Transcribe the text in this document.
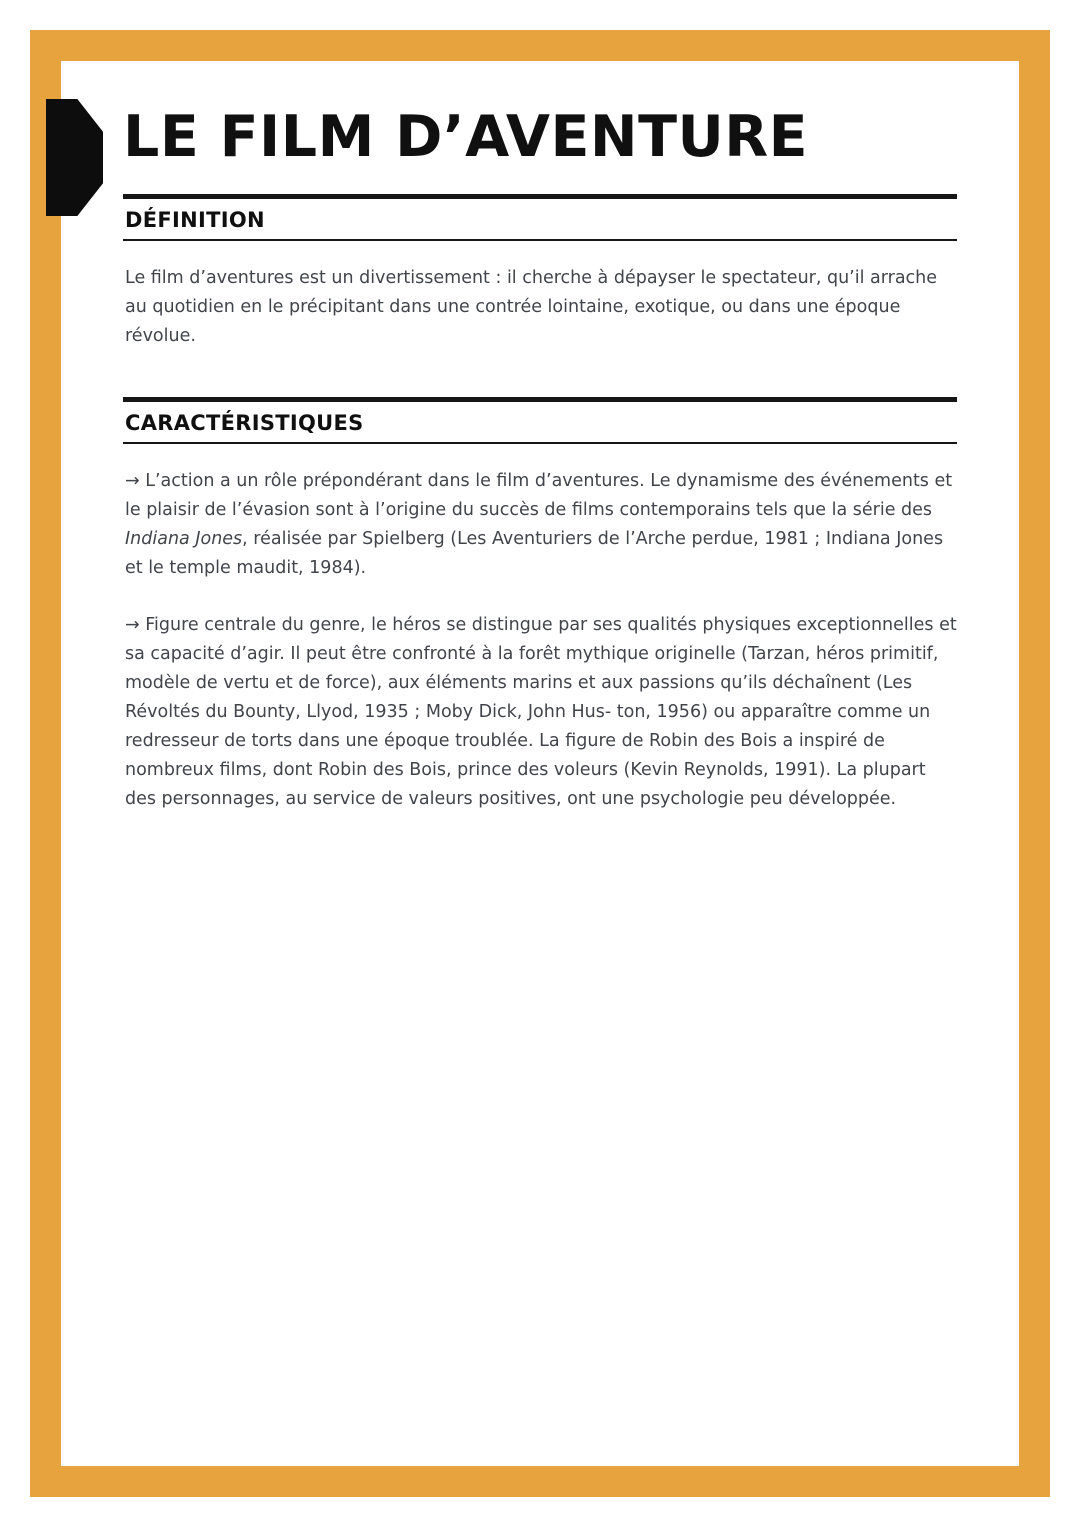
LE FILM D’AVENTURE
DÉFINITION

Le film d’aventures est un divertissement : il cherche à dépayser le spectateur, qu’il arrache au quotidien en le précipitant dans une contrée lointaine, exotique, ou dans une époque révolue.

CARACTÉRISTIQUES

→ L’action a un rôle prépondérant dans le film d’aventures. Le dynamisme des événements et le plaisir de l’évasion sont à l’origine du succès de films contemporains tels que la série des Indiana Jones, réalisée par Spielberg (Les Aventuriers de l’Arche perdue, 1981 ; Indiana Jones et le temple maudit, 1984).

→ Figure centrale du genre, le héros se distingue par ses qualités physiques exceptionnelles et sa capacité d’agir. Il peut être confronté à la forêt mythique originelle (Tarzan, héros primitif, modèle de vertu et de force), aux éléments marins et aux passions qu’ils déchaînent (Les Révoltés du Bounty, Llyod, 1935 ; Moby Dick, John Hus- ton, 1956) ou apparaître comme un redresseur de torts dans une époque troublée. La figure de Robin des Bois a inspiré de nombreux films, dont Robin des Bois, prince des voleurs (Kevin Reynolds, 1991). La plupart des personnages, au service de valeurs positives, ont une psychologie peu développée.
